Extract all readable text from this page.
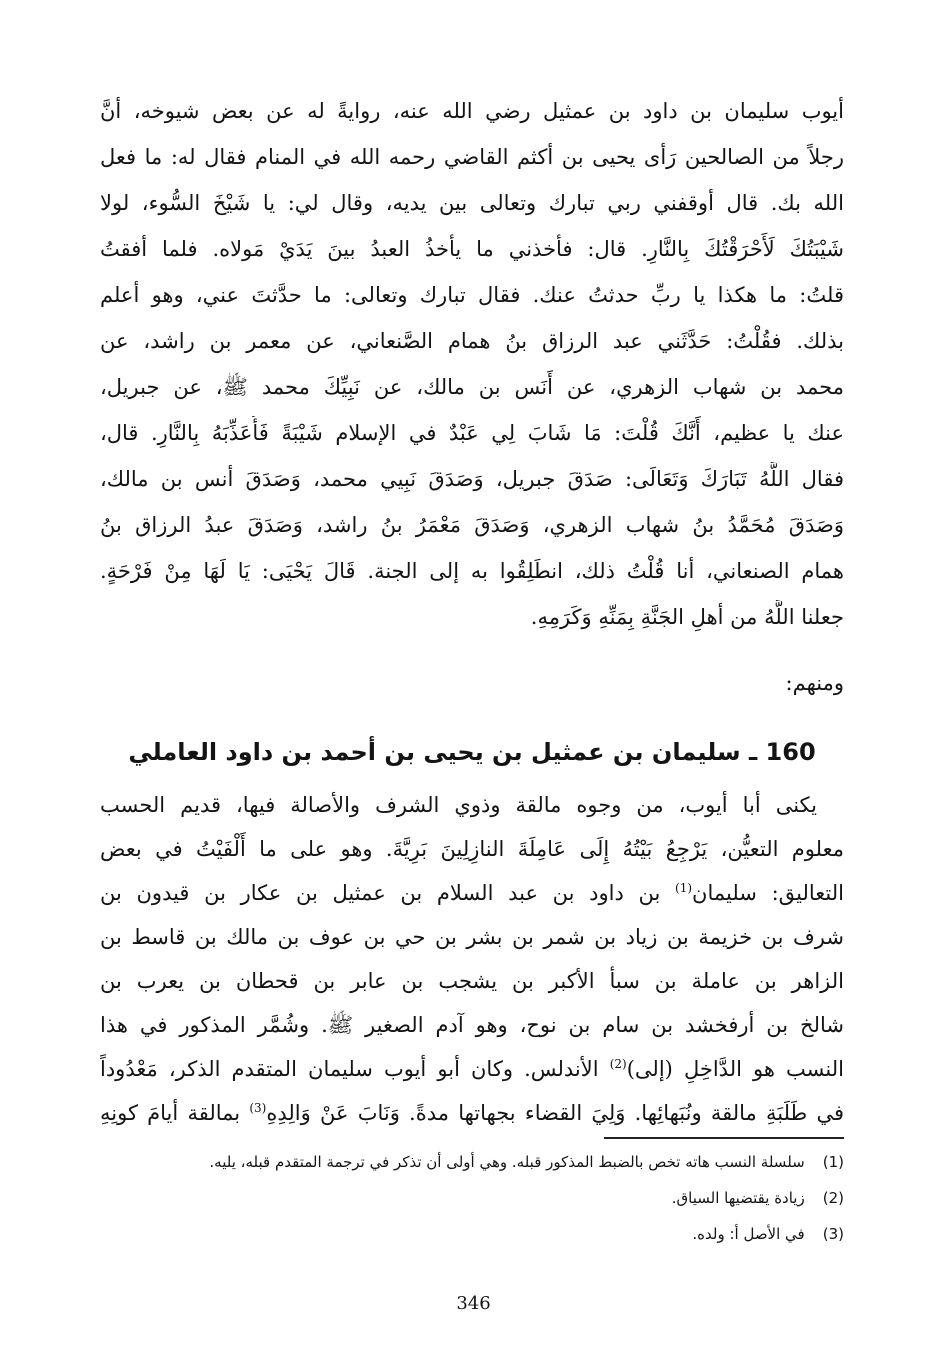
أيوب سليمان بن داود بن عمثيل رضي الله عنه، روايةً له عن بعض شيوخه، أنَّ
رجلاً من الصالحين رَأى يحيى بن أكثم القاضي رحمه الله في المنام فقال له: ما فعل
الله بك. قال أوقفني ربي تبارك وتعالى بين يديه، وقال لي: يا شَيْخَ السُّوء، لولا
شَيْبَتُكَ لَأَحْرَقْتُكَ بِالنَّارِ. قال: فأخذني ما يأخذُ العبدُ بينَ يَدَيْ مَولاه. فلما أفقتُ
قلتُ: ما هكذا يا ربِّ حدثتُ عنك. فقال تبارك وتعالى: ما حدَّثتَ عني، وهو أعلم
بذلك. فقُلْتُ: حَدَّثَني عبد الرزاق بنُ همام الصَّنعاني، عن معمر بن راشد، عن
محمد بن شهاب الزهري، عن أَنَس بن مالك، عن نَبِيِّكَ محمد ﷺ، عن جبريل،
عنك يا عظيم، أَنَّكَ قُلْتَ: مَا شَابَ لِي عَبْدٌ في الإسلام شَيْبَةً فَأُعَذِّبَهُ بِالنَّارِ. قال،
فقال اللَّهُ تَبَارَكَ وَتَعَالَى: صَدَقَ جبريل، وَصَدَقَ نَبِيي محمد، وَصَدَقَ أنس بن مالك،
وَصَدَقَ مُحَمَّدُ بنُ شهاب الزهري، وَصَدَقَ مَعْمَرُ بنُ راشد، وَصَدَقَ عبدُ الرزاق بنُ
همام الصنعاني، أنا قُلْتُ ذلك، انطَلِقُوا به إلى الجنة. قَالَ يَحْيَى: يَا لَهَا مِنْ فَرْحَةٍ.
جعلنا اللَّهُ من أهلِ الجَنَّةِ بِمَنِّهِ وَكَرَمِهِ.
ومنهم:
160 ـ سليمان بن عمثيل بن يحيى بن أحمد بن داود العاملي
يكنى أبا أيوب، من وجوه مالقة وذوي الشرف والأصالة فيها، قديم الحسب
معلوم التعيُّن، يَرْجِعُ بَيْتُهُ إِلَى عَامِلَةَ النازِلِينَ بَرِيَّةَ. وهو على ما أَلْفَيْتُ في بعض
التعاليق: سليمان$^{(1)}$ بن داود بن عبد السلام بن عمثيل بن عكار بن قيدون بن
شرف بن خزيمة بن زياد بن شمر بن بشر بن حي بن عوف بن مالك بن قاسط بن
الزاهر بن عاملة بن سبأ الأكبر بن يشجب بن عابر بن قحطان بن يعرب بن
شالخ بن أرفخشد بن سام بن نوح، وهو آدم الصغير ﷺ. وشُمَّر المذكور في هذا
النسب هو الدَّاخِلِ (إلى)$^{(2)}$ الأندلس. وكان أبو أيوب سليمان المتقدم الذكر، مَعْدُوداً
في طَلَبَةِ مالقة ونُبَهائِها. وَلِيَ القضاء بجهاتها مدةً. وَنَابَ عَنْ وَالِدِهِ$^{(3)}$ بمالقة أيامَ كونِهِ
(1)سلسلة النسب هاته تخص بالضبط المذكور قبله. وهي أولى أن تذكر في ترجمة المتقدم قبله، يليه.
(2)زيادة يقتضيها السياق.
(3)في الأصل أ: ولده.
346
